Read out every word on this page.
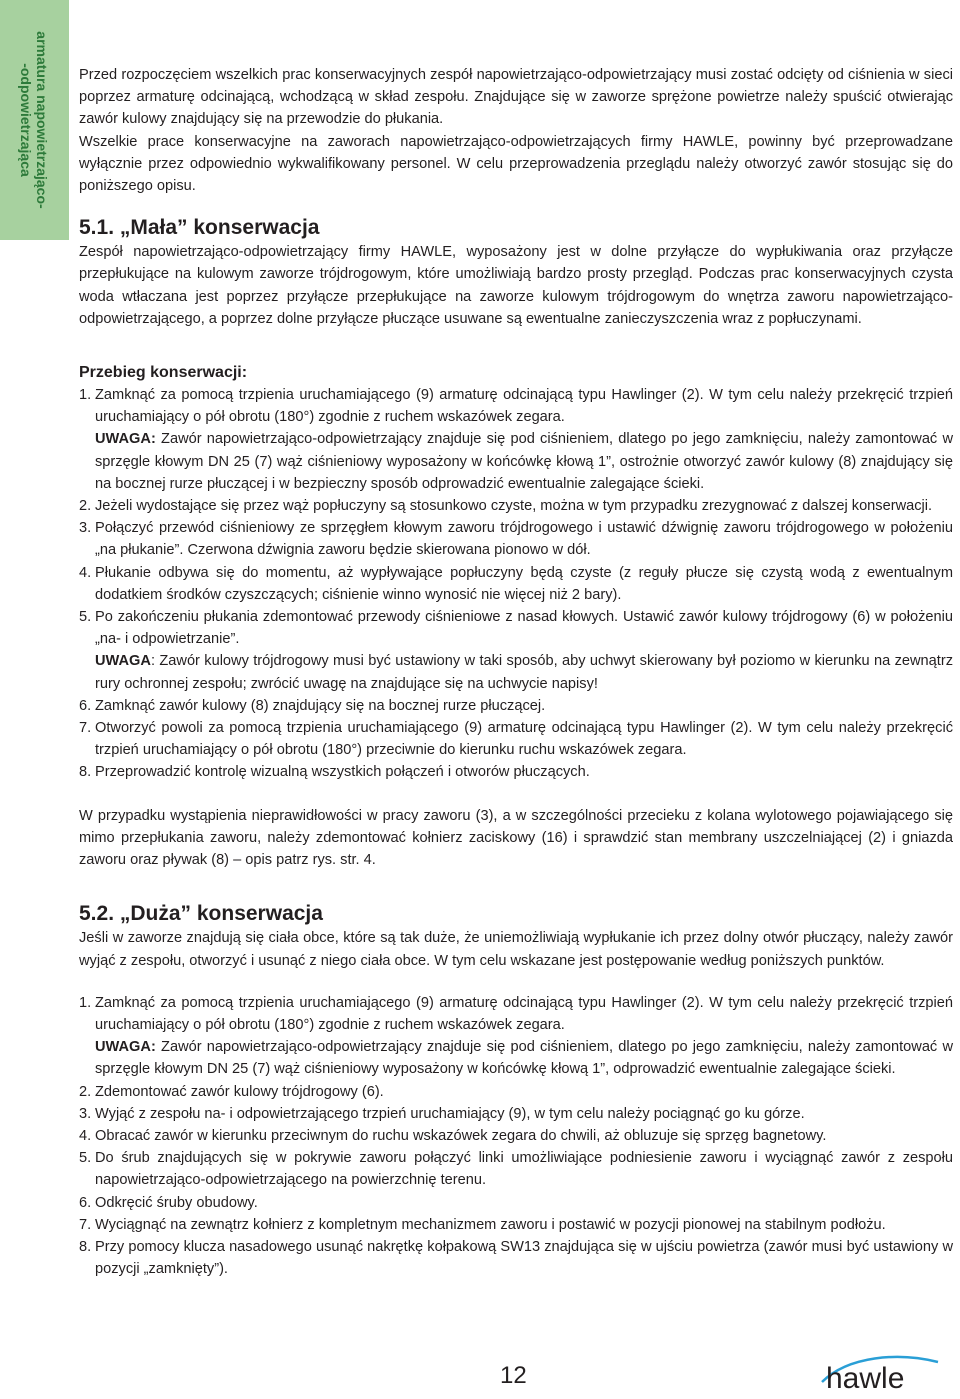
armatura napowietrzająco-
-odpowietrzająca	Przed rozpoczęciem wszelkich prac konserwacyjnych zespół napowietrzająco-odpowietrzający musi zostać odcięty od ciśnienia w sieci poprzez armaturę odcinającą, wchodzącą w skład zespołu. Znajdujące się w zaworze sprężone powietrze należy spuścić otwierając zawór kulowy znajdujący się na przewodzie do płukania.

Wszelkie prace konserwacyjne na zaworach napowietrzająco-odpowietrzających firmy HAWLE, powinny być przeprowadzane wyłącznie przez odpowiednio wykwalifikowany personel. W celu przeprowadzenia przeglądu należy otworzyć zawór stosując się do poniższego opisu.

5.1. „Mała” konserwacja

Zespół napowietrzająco-odpowietrzający firmy HAWLE, wyposażony jest w dolne przyłącze do wypłukiwania oraz przyłącze przepłukujące na kulowym zaworze trójdrogowym, które umożliwiają bardzo prosty przegląd. Podczas prac konserwacyjnych czysta woda wtłaczana jest poprzez przyłącze przepłukujące na zaworze kulowym trójdrogowym do wnętrza zaworu napowietrzająco-odpowietrzającego, a poprzez dolne przyłącze płuczące usuwane są ewentualne zanieczyszczenia wraz z popłuczynami.

Przebieg konserwacji:
1. Zamknąć za pomocą trzpienia uruchamiającego (9) armaturę odcinającą typu Hawlinger (2). W tym celu należy przekręcić trzpień uruchamiający o pół obrotu (180°) zgodnie z ruchem wskazówek zegara.
UWAGA: Zawór napowietrzająco-odpowietrzający znajduje się pod ciśnieniem, dlatego po jego zamknięciu, należy zamontować w sprzęgle kłowym DN 25 (7) wąż ciśnieniowy wyposażony w końcówkę kłową 1”, ostrożnie otworzyć zawór kulowy (8) znajdujący się na bocznej rurze płuczącej i w bezpieczny sposób odprowadzić ewentualnie zalegające ścieki.
2. Jeżeli wydostające się przez wąż popłuczyny są stosunkowo czyste, można w tym przypadku zrezygnować z dalszej konserwacji.
3. Połączyć przewód ciśnieniowy ze sprzęgłem kłowym zaworu trójdrogowego i ustawić dźwignię zaworu trójdrogowego w położeniu „na płukanie”. Czerwona dźwignia zaworu będzie skierowana pionowo w dół.
4. Płukanie odbywa się do momentu, aż wypływające popłuczyny będą czyste (z reguły płucze się czystą wodą z ewentualnym dodatkiem środków czyszczących; ciśnienie winno wynosić nie więcej niż 2 bary).
5. Po zakończeniu płukania zdemontować przewody ciśnieniowe z nasad kłowych. Ustawić zawór kulowy trójdrogowy (6) w położeniu „na- i odpowietrzanie”.
UWAGA: Zawór kulowy trójdrogowy musi być ustawiony w taki sposób, aby uchwyt skierowany był poziomo w kierunku na zewnątrz rury ochronnej zespołu; zwrócić uwagę na znajdujące się na uchwycie napisy!
6. Zamknąć zawór kulowy (8) znajdujący się na bocznej rurze płuczącej.
7. Otworzyć powoli za pomocą trzpienia uruchamiającego (9) armaturę odcinającą typu Hawlinger (2). W tym celu należy przekręcić trzpień uruchamiający o pół obrotu (180°) przeciwnie do kierunku ruchu wskazówek zegara.
8. Przeprowadzić kontrolę wizualną wszystkich połączeń i otworów płuczących.

W przypadku wystąpienia nieprawidłowości w pracy zaworu (3), a w szczególności przecieku z kolana wylotowego pojawiającego się mimo przepłukania zaworu, należy zdemontować kołnierz zaciskowy (16) i sprawdzić stan membrany uszczelniającej (2) i gniazda zaworu oraz pływak (8) – opis patrz rys. str. 4.

5.2. „Duża” konserwacja

Jeśli w zaworze znajdują się ciała obce, które są tak duże, że uniemożliwiają wypłukanie ich przez dolny otwór płuczący, należy zawór wyjąć z zespołu, otworzyć i usunąć z niego ciała obce. W tym celu wskazane jest postępowanie według poniższych punktów.

1. Zamknąć za pomocą trzpienia uruchamiającego (9) armaturę odcinającą typu Hawlinger (2). W tym celu należy przekręcić trzpień uruchamiający o pół obrotu (180°) zgodnie z ruchem wskazówek zegara.
UWAGA: Zawór napowietrzająco-odpowietrzający znajduje się pod ciśnieniem, dlatego po jego zamknięciu, należy zamontować w sprzęgle kłowym DN 25 (7) wąż ciśnieniowy wyposażony w końcówkę kłową 1”, odprowadzić ewentualnie zalegające ścieki.
2. Zdemontować zawór kulowy trójdrogowy (6).
3. Wyjąć z zespołu na- i odpowietrzającego trzpień uruchamiający (9), w tym celu należy pociągnąć go ku górze.
4. Obracać zawór w kierunku przeciwnym do ruchu wskazówek zegara do chwili, aż obluzuje się sprzęg bagnetowy.
5. Do śrub znajdujących się w pokrywie zaworu połączyć linki umożliwiające podniesienie zaworu i wyciągnąć zawór z zespołu napowietrzająco-odpowietrzającego na powierzchnię terenu.
6. Odkręcić śruby obudowy.
7. Wyciągnąć na zewnątrz kołnierz z kompletnym mechanizmem zaworu i postawić w pozycji pionowej na stabilnym podłożu.
8. Przy pomocy klucza nasadowego usunąć nakrętkę kołpakową SW13 znajdująca się w ujściu powietrza (zawór musi być ustawiony w pozycji „zamknięty”).
12	hawle
